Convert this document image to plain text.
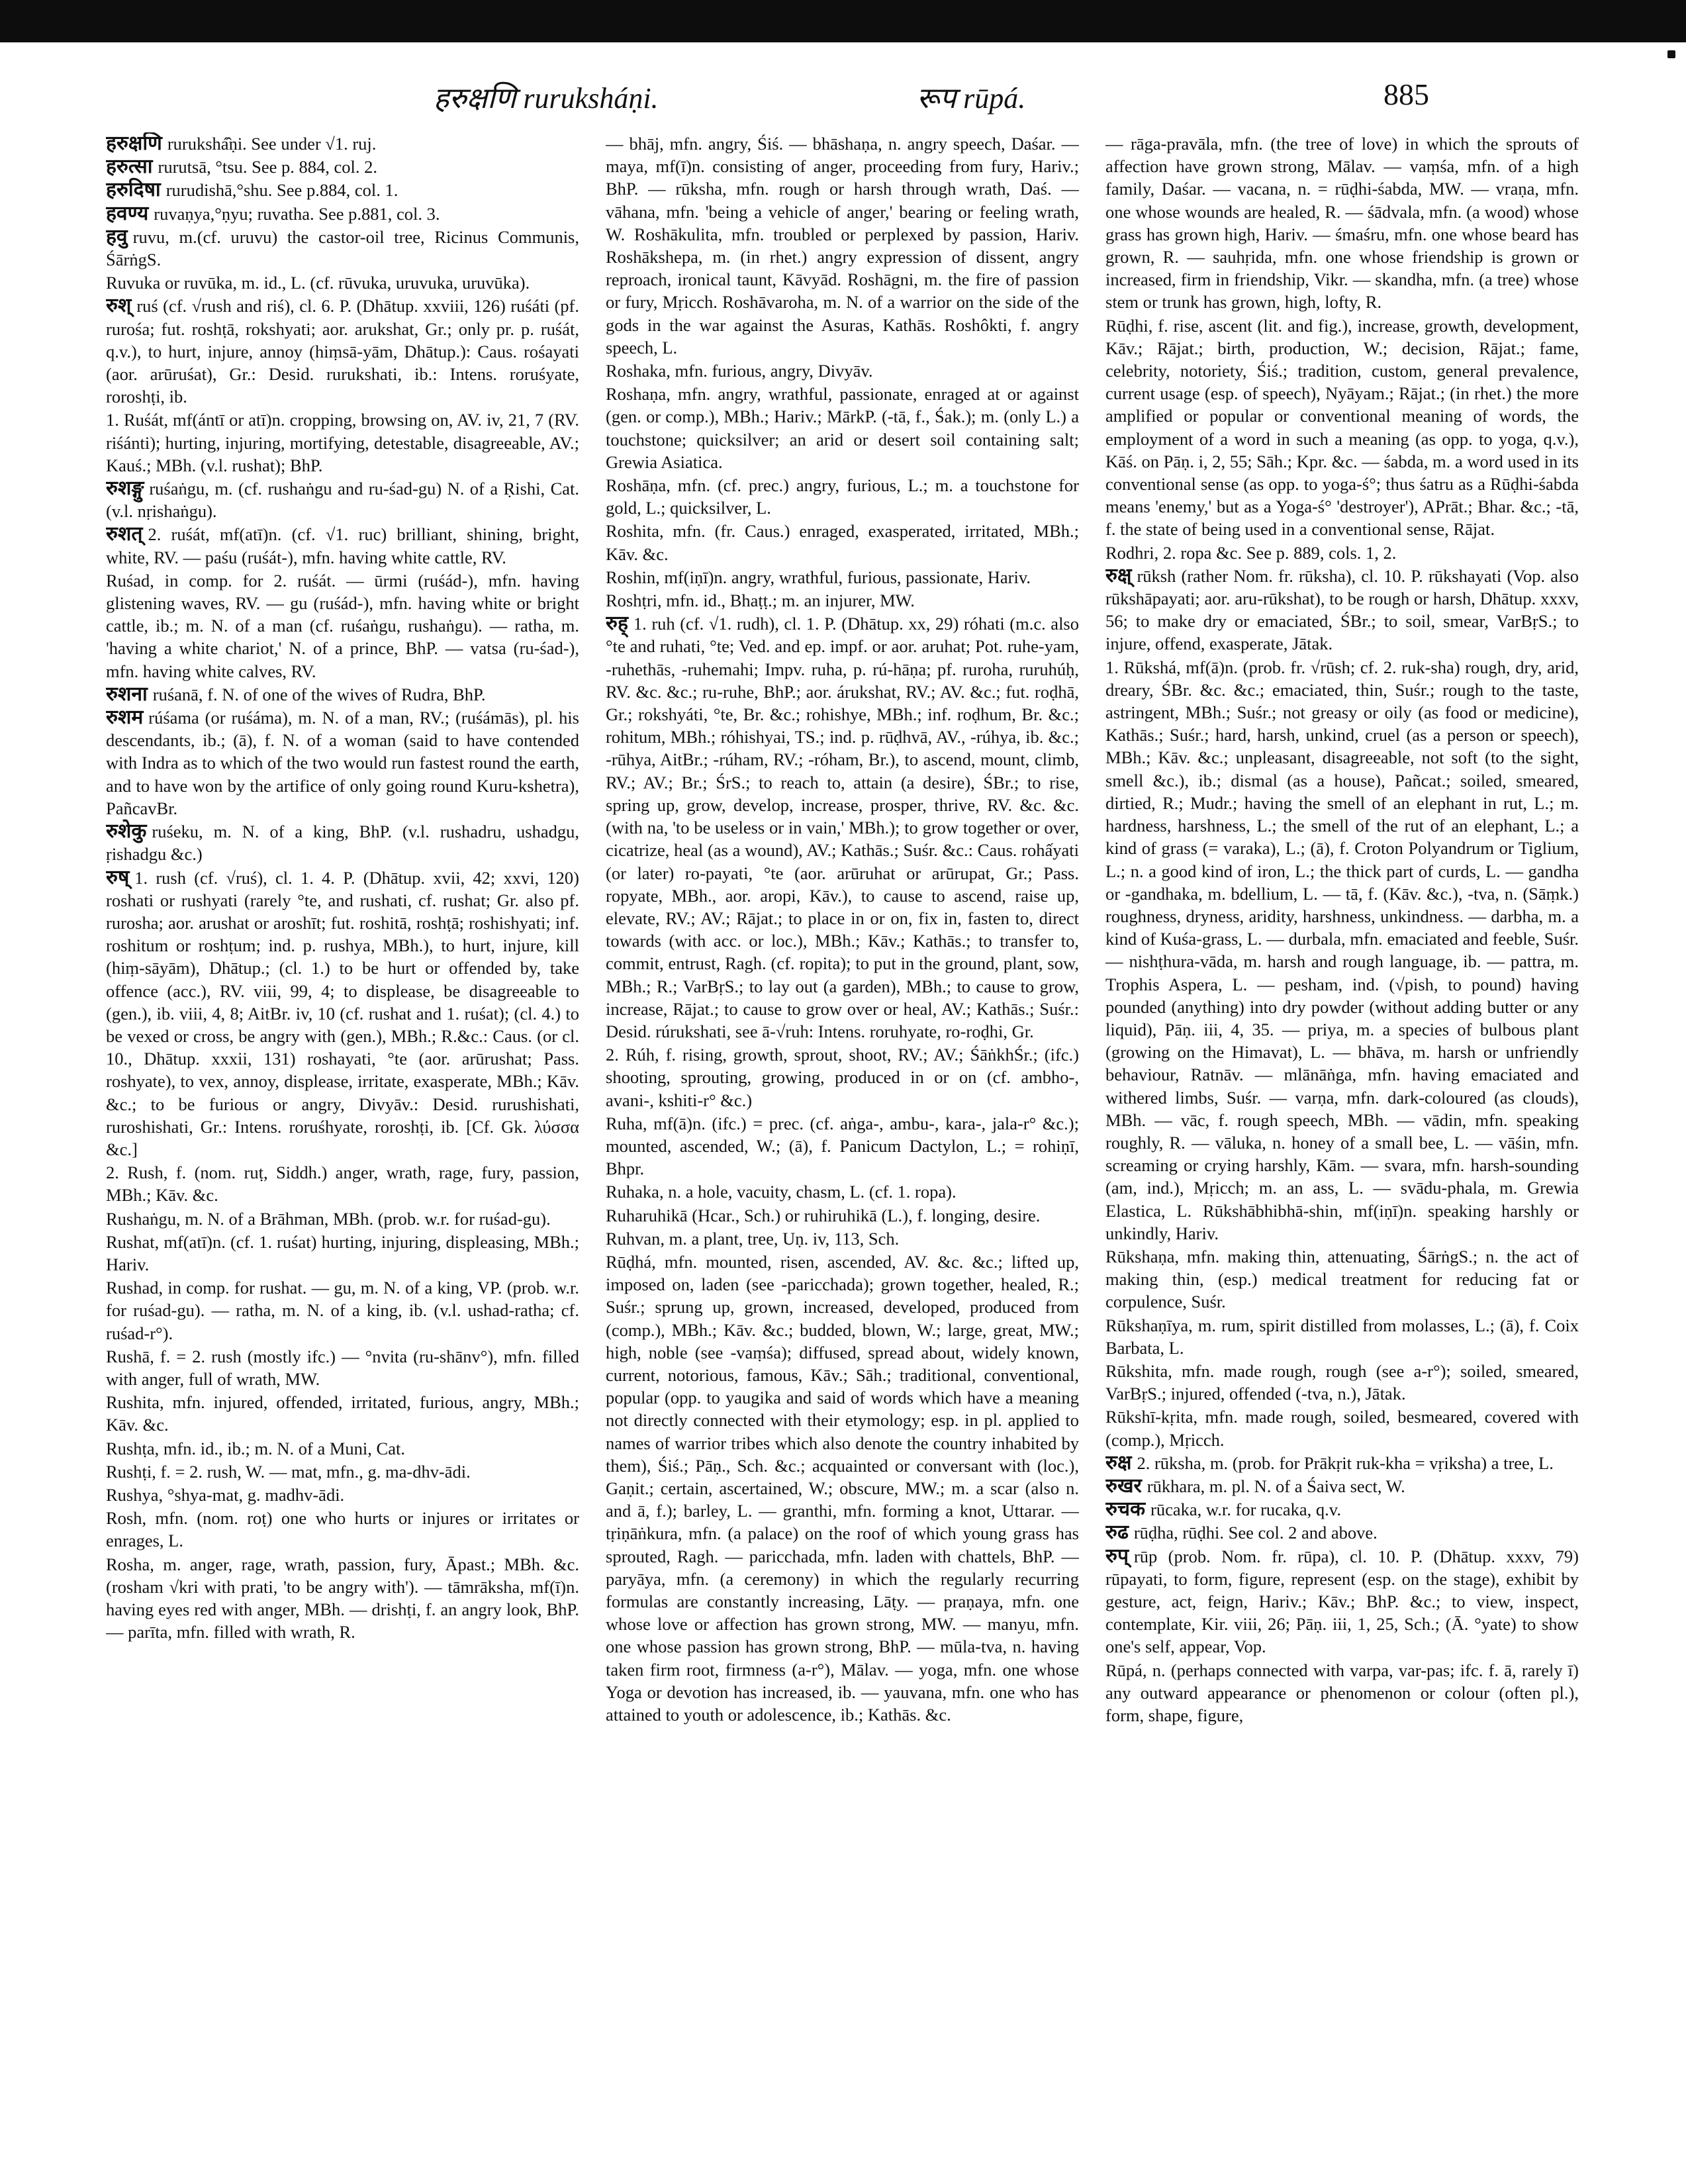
हरुक्षणि ruruksháṇi.	रूप rūpá.	885

हरुक्षणि rurukshá̂ṇi. See under √1. ruj.

हरुत्सा rurutsā, °tsu. See p. 884, col. 2.

हरुदिषा rurudishā,°shu. See p.884, col. 1.

हवण्य ruvaṇya,°ṇyu; ruvatha. See p.881, col. 3.

हवु ruvu, m.(cf. uruvu) the castor-oil tree, Ricinus Communis, ŚārṅgS.

Ruvuka or ruvūka, m. id., L. (cf. rūvuka, uruvuka, uruvūka).

रुश् ruś (cf. √rush and riś), cl. 6. P. (Dhātup. xxviii, 126) ruśáti (pf. rurośa; fut. roshṭā, rokshyati; aor. arukshat, Gr.; only pr. p. ruśát, q.v.), to hurt, injure, annoy (hiṃsā-yām, Dhātup.): Caus. rośayati (aor. arūruśat), Gr.: Desid. rurukshati, ib.: Intens. roruśyate, roroshṭi, ib.

1. Ruśát, mf(ántī or atī)n. cropping, browsing on, AV. iv, 21, 7 (RV. riśánti); hurting, injuring, mortifying, detestable, disagreeable, AV.; Kauś.; MBh. (v.l. rushat); BhP.

रुशङ्गु ruśaṅgu, m. (cf. rushaṅgu and ru-śad-gu) N. of a Ṛishi, Cat. (v.l. nṛishaṅgu).

रुशत् 2. ruśát, mf(atī)n. (cf. √1. ruc) brilliant, shining, bright, white, RV. — paśu (ruśát-), mfn. having white cattle, RV.

Ruśad, in comp. for 2. ruśát. — ūrmi (ruśád-), mfn. having glistening waves, RV. — gu (ruśád-), mfn. having white or bright cattle, ib.; m. N. of a man (cf. ruśaṅgu, rushaṅgu). — ratha, m. 'having a white chariot,' N. of a prince, BhP. — vatsa (ru-śad-), mfn. having white calves, RV.

रुशना ruśanā, f. N. of one of the wives of Rudra, BhP.

रुशम rúśama (or ruśáma), m. N. of a man, RV.; (ruśámās), pl. his descendants, ib.; (ā), f. N. of a woman (said to have contended with Indra as to which of the two would run fastest round the earth, and to have won by the artifice of only going round Kuru-kshetra), PañcavBr.

रुशेकु ruśeku, m. N. of a king, BhP. (v.l. rushadru, ushadgu, ṛishadgu &c.)

रुष् 1. rush (cf. √ruś), cl. 1. 4. P. (Dhātup. xvii, 42; xxvi, 120) roshati or rushyati (rarely °te, and rushati, cf. rushat; Gr. also pf. rurosha; aor. arushat or aroshīt; fut. roshitā, roshṭā; roshishyati; inf. roshitum or roshṭum; ind. p. rushya, MBh.), to hurt, injure, kill (hiṃ-sāyām), Dhātup.; (cl. 1.) to be hurt or offended by, take offence (acc.), RV. viii, 99, 4; to displease, be disagreeable to (gen.), ib. viii, 4, 8; AitBr. iv, 10 (cf. rushat and 1. ruśat); (cl. 4.) to be vexed or cross, be angry with (gen.), MBh.; R.&c.: Caus. (or cl. 10., Dhātup. xxxii, 131) roshayati, °te (aor. arūrushat; Pass. roshyate), to vex, annoy, displease, irritate, exasperate, MBh.; Kāv. &c.; to be furious or angry, Divyāv.: Desid. rurushishati, ruroshishati, Gr.: Intens. roruśhyate, roroshṭi, ib. [Cf. Gk. λύσσα &c.]

2. Rush, f. (nom. ruṭ, Siddh.) anger, wrath, rage, fury, passion, MBh.; Kāv. &c.

Rushaṅgu, m. N. of a Brāhman, MBh. (prob. w.r. for ruśad-gu).

Rushat, mf(atī)n. (cf. 1. ruśat) hurting, injuring, displeasing, MBh.; Hariv.

Rushad, in comp. for rushat. — gu, m. N. of a king, VP. (prob. w.r. for ruśad-gu). — ratha, m. N. of a king, ib. (v.l. ushad-ratha; cf. ruśad-r°).

Rushā, f. = 2. rush (mostly ifc.) — °nvita (ru-shānv°), mfn. filled with anger, full of wrath, MW.

Rushita, mfn. injured, offended, irritated, furious, angry, MBh.; Kāv. &c.

Rushṭa, mfn. id., ib.; m. N. of a Muni, Cat.

Rushṭi, f. = 2. rush, W. — mat, mfn., g. ma-dhv-ādi.

Rushya, °shya-mat, g. madhv-ādi.

Rosh, mfn. (nom. roṭ) one who hurts or injures or irritates or enrages, L.

Rosha, m. anger, rage, wrath, passion, fury, Āpast.; MBh. &c. (rosham √kri with prati, 'to be angry with'). — tāmrāksha, mf(ī)n. having eyes red with anger, MBh. — drishṭi, f. an angry look, BhP. — parīta, mfn. filled with wrath, R.

— bhāj, mfn. angry, Śiś. — bhāshaṇa, n. angry speech, Daśar. — maya, mf(ī)n. consisting of anger, proceeding from fury, Hariv.; BhP. — rūksha, mfn. rough or harsh through wrath, Daś. — vāhana, mfn. 'being a vehicle of anger,' bearing or feeling wrath, W. Roshākulita, mfn. troubled or perplexed by passion, Hariv. Roshākshepa, m. (in rhet.) angry expression of dissent, angry reproach, ironical taunt, Kāvyād. Roshāgni, m. the fire of passion or fury, Mṛicch. Roshāvaroha, m. N. of a warrior on the side of the gods in the war against the Asuras, Kathās. Roshôkti, f. angry speech, L.

Roshaka, mfn. furious, angry, Divyāv.

Roshaṇa, mfn. angry, wrathful, passionate, enraged at or against (gen. or comp.), MBh.; Hariv.; MārkP. (-tā, f., Śak.); m. (only L.) a touchstone; quicksilver; an arid or desert soil containing salt; Grewia Asiatica.

Roshāṇa, mfn. (cf. prec.) angry, furious, L.; m. a touchstone for gold, L.; quicksilver, L.

Roshita, mfn. (fr. Caus.) enraged, exasperated, irritated, MBh.; Kāv. &c.

Roshin, mf(iṇī)n. angry, wrathful, furious, passionate, Hariv.

Roshṭri, mfn. id., Bhaṭṭ.; m. an injurer, MW.

रुह् 1. ruh (cf. √1. rudh), cl. 1. P. (Dhātup. xx, 29) róhati (m.c. also °te and ruhati, °te; Ved. and ep. impf. or aor. aruhat; Pot. ruhe-yam, -ruhethās, -ruhemahi; Impv. ruha, p. rú-hāṇa; pf. ruroha, ruruhúḥ, RV. &c. &c.; ru-ruhe, BhP.; aor. árukshat, RV.; AV. &c.; fut. roḍhā, Gr.; rokshyáti, °te, Br. &c.; rohishye, MBh.; inf. roḍhum, Br. &c.; rohitum, MBh.; róhishyai, TS.; ind. p. rūḍhvā, AV., -rúhya, ib. &c.; -rūhya, AitBr.; -rúham, RV.; -róham, Br.), to ascend, mount, climb, RV.; AV.; Br.; ŚrS.; to reach to, attain (a desire), ŚBr.; to rise, spring up, grow, develop, increase, prosper, thrive, RV. &c. &c. (with na, 'to be useless or in vain,' MBh.); to grow together or over, cicatrize, heal (as a wound), AV.; Kathās.; Suśr. &c.: Caus. rohấyati (or later) ro-payati, °te (aor. arūruhat or arūrupat, Gr.; Pass. ropyate, MBh., aor. aropi, Kāv.), to cause to ascend, raise up, elevate, RV.; AV.; Rājat.; to place in or on, fix in, fasten to, direct towards (with acc. or loc.), MBh.; Kāv.; Kathās.; to transfer to, commit, entrust, Ragh. (cf. ropita); to put in the ground, plant, sow, MBh.; R.; VarBṛS.; to lay out (a garden), MBh.; to cause to grow, increase, Rājat.; to cause to grow over or heal, AV.; Kathās.; Suśr.: Desid. rúrukshati, see ā-√ruh: Intens. roruhyate, ro-roḍhi, Gr.

2. Rúh, f. rising, growth, sprout, shoot, RV.; AV.; ŚāṅkhŚr.; (ifc.) shooting, sprouting, growing, produced in or on (cf. ambho-, avani-, kshiti-r° &c.)

Ruha, mf(ā)n. (ifc.) = prec. (cf. aṅga-, ambu-, kara-, jala-r° &c.); mounted, ascended, W.; (ā), f. Panicum Dactylon, L.; = rohiṇī, Bhpr.

Ruhaka, n. a hole, vacuity, chasm, L. (cf. 1. ropa).

Ruharuhikā (Hcar., Sch.) or ruhiruhikā (L.), f. longing, desire.

Ruhvan, m. a plant, tree, Uṇ. iv, 113, Sch.

Rūḍhá, mfn. mounted, risen, ascended, AV. &c. &c.; lifted up, imposed on, laden (see -paricchada); grown together, healed, R.; Suśr.; sprung up, grown, increased, developed, produced from (comp.), MBh.; Kāv. &c.; budded, blown, W.; large, great, MW.; high, noble (see -vaṃśa); diffused, spread about, widely known, current, notorious, famous, Kāv.; Sāh.; traditional, conventional, popular (opp. to yaugika and said of words which have a meaning not directly connected with their etymology; esp. in pl. applied to names of warrior tribes which also denote the country inhabited by them), Śiś.; Pāṇ., Sch. &c.; acquainted or conversant with (loc.), Gaṇit.; certain, ascertained, W.; obscure, MW.; m. a scar (also n. and ā, f.); barley, L. — granthi, mfn. forming a knot, Uttarar. — tṛiṇāṅkura, mfn. (a palace) on the roof of which young grass has sprouted, Ragh. — paricchada, mfn. laden with chattels, BhP. — paryāya, mfn. (a ceremony) in which the regularly recurring formulas are constantly increasing, Lāṭy. — praṇaya, mfn. one whose love or affection has grown strong, MW. — manyu, mfn. one whose passion has grown strong, BhP. — mūla-tva, n. having taken firm root, firmness (a-r°), Mālav. — yoga, mfn. one whose Yoga or devotion has increased, ib. — yauvana, mfn. one who has attained to youth or adolescence, ib.; Kathās. &c.

— rāga-pravāla, mfn. (the tree of love) in which the sprouts of affection have grown strong, Mālav. — vaṃśa, mfn. of a high family, Daśar. — vacana, n. = rūḍhi-śabda, MW. — vraṇa, mfn. one whose wounds are healed, R. — śādvala, mfn. (a wood) whose grass has grown high, Hariv. — śmaśru, mfn. one whose beard has grown, R. — sauhṛida, mfn. one whose friendship is grown or increased, firm in friendship, Vikr. — skandha, mfn. (a tree) whose stem or trunk has grown, high, lofty, R.

Rūḍhi, f. rise, ascent (lit. and fig.), increase, growth, development, Kāv.; Rājat.; birth, production, W.; decision, Rājat.; fame, celebrity, notoriety, Śiś.; tradition, custom, general prevalence, current usage (esp. of speech), Nyāyam.; Rājat.; (in rhet.) the more amplified or popular or conventional meaning of words, the employment of a word in such a meaning (as opp. to yoga, q.v.), Kāś. on Pāṇ. i, 2, 55; Sāh.; Kpr. &c. — śabda, m. a word used in its conventional sense (as opp. to yoga-ś°; thus śatru as a Rūḍhi-śabda means 'enemy,' but as a Yoga-ś° 'destroyer'), APrāt.; Bhar. &c.; -tā, f. the state of being used in a conventional sense, Rājat.

Rodhri, 2. ropa &c. See p. 889, cols. 1, 2.

रुक्ष् rūksh (rather Nom. fr. rūksha), cl. 10. P. rūkshayati (Vop. also rūkshāpayati; aor. aru-rūkshat), to be rough or harsh, Dhātup. xxxv, 56; to make dry or emaciated, ŚBr.; to soil, smear, VarBṛS.; to injure, offend, exasperate, Jātak.

1. Rūkshá, mf(ā)n. (prob. fr. √rūsh; cf. 2. ruk-sha) rough, dry, arid, dreary, ŚBr. &c. &c.; emaciated, thin, Suśr.; rough to the taste, astringent, MBh.; Suśr.; not greasy or oily (as food or medicine), Kathās.; Suśr.; hard, harsh, unkind, cruel (as a person or speech), MBh.; Kāv. &c.; unpleasant, disagreeable, not soft (to the sight, smell &c.), ib.; dismal (as a house), Pañcat.; soiled, smeared, dirtied, R.; Mudr.; having the smell of an elephant in rut, L.; m. hardness, harshness, L.; the smell of the rut of an elephant, L.; a kind of grass (= varaka), L.; (ā), f. Croton Polyandrum or Tiglium, L.; n. a good kind of iron, L.; the thick part of curds, L. — gandha or -gandhaka, m. bdellium, L. — tā, f. (Kāv. &c.), -tva, n. (Sāṃk.) roughness, dryness, aridity, harshness, unkindness. — darbha, m. a kind of Kuśa-grass, L. — durbala, mfn. emaciated and feeble, Suśr. — nishṭhura-vāda, m. harsh and rough language, ib. — pattra, m. Trophis Aspera, L. — pesham, ind. (√pish, to pound) having pounded (anything) into dry powder (without adding butter or any liquid), Pāṇ. iii, 4, 35. — priya, m. a species of bulbous plant (growing on the Himavat), L. — bhāva, m. harsh or unfriendly behaviour, Ratnāv. — mlānāṅga, mfn. having emaciated and withered limbs, Suśr. — varṇa, mfn. dark-coloured (as clouds), MBh. — vāc, f. rough speech, MBh. — vādin, mfn. speaking roughly, R. — vāluka, n. honey of a small bee, L. — vāśin, mfn. screaming or crying harshly, Kām. — svara, mfn. harsh-sounding (am, ind.), Mṛicch; m. an ass, L. — svādu-phala, m. Grewia Elastica, L. Rūkshābhibhā-shin, mf(iṇī)n. speaking harshly or unkindly, Hariv.

Rūkshaṇa, mfn. making thin, attenuating, ŚārṅgS.; n. the act of making thin, (esp.) medical treatment for reducing fat or corpulence, Suśr.

Rūkshaṇīya, m. rum, spirit distilled from molasses, L.; (ā), f. Coix Barbata, L.

Rūkshita, mfn. made rough, rough (see a-r°); soiled, smeared, VarBṛS.; injured, offended (-tva, n.), Jātak.

Rūkshī-kṛita, mfn. made rough, soiled, besmeared, covered with (comp.), Mṛicch.

रुक्ष 2. rūksha, m. (prob. for Prākṛit ruk-kha = vṛiksha) a tree, L.

रुखर rūkhara, m. pl. N. of a Śaiva sect, W.

रुचक rūcaka, w.r. for rucaka, q.v.

रुढ rūḍha, rūḍhi. See col. 2 and above.

रुप् rūp (prob. Nom. fr. rūpa), cl. 10. P. (Dhātup. xxxv, 79) rūpayati, to form, figure, represent (esp. on the stage), exhibit by gesture, act, feign, Hariv.; Kāv.; BhP. &c.; to view, inspect, contemplate, Kir. viii, 26; Pāṇ. iii, 1, 25, Sch.; (Ā. °yate) to show one's self, appear, Vop.

Rūpá, n. (perhaps connected with varpa, var-pas; ifc. f. ā, rarely ī) any outward appearance or phenomenon or colour (often pl.), form, shape, figure,
